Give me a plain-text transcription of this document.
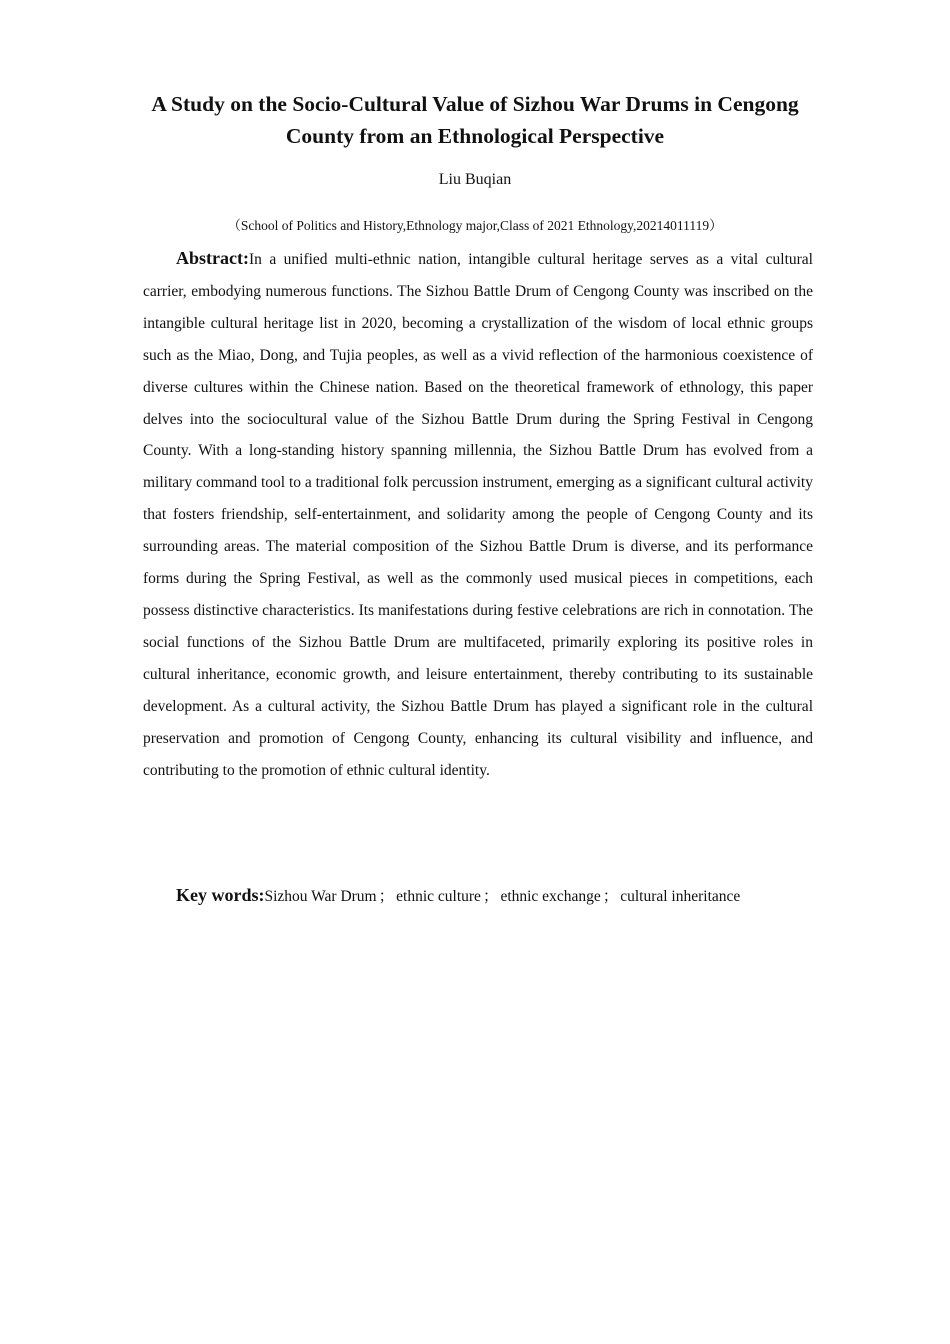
A Study on the Socio-Cultural Value of Sizhou War Drums in Cengong County from an Ethnological Perspective

Liu Buqian

（School of Politics and History,Ethnology major,Class of 2021 Ethnology,20214011119）

Abstract:In a unified multi-ethnic nation, intangible cultural heritage serves as a vital cultural carrier, embodying numerous functions. The Sizhou Battle Drum of Cengong County was inscribed on the intangible cultural heritage list in 2020, becoming a crystallization of the wisdom of local ethnic groups such as the Miao, Dong, and Tujia peoples, as well as a vivid reflection of the harmonious coexistence of diverse cultures within the Chinese nation. Based on the theoretical framework of ethnology, this paper delves into the sociocultural value of the Sizhou Battle Drum during the Spring Festival in Cengong County. With a long-standing history spanning millennia, the Sizhou Battle Drum has evolved from a military command tool to a traditional folk percussion instrument, emerging as a significant cultural activity that fosters friendship, self-entertainment, and solidarity among the people of Cengong County and its surrounding areas. The material composition of the Sizhou Battle Drum is diverse, and its performance forms during the Spring Festival, as well as the commonly used musical pieces in competitions, each possess distinctive characteristics. Its manifestations during festive celebrations are rich in connotation. The social functions of the Sizhou Battle Drum are multifaceted, primarily exploring its positive roles in cultural inheritance, economic growth, and leisure entertainment, thereby contributing to its sustainable development. As a cultural activity, the Sizhou Battle Drum has played a significant role in the cultural preservation and promotion of Cengong County, enhancing its cultural visibility and influence, and contributing to the promotion of ethnic cultural identity.

Key words:Sizhou War Drum ； ethnic culture ； ethnic exchange ； cultural inheritance
